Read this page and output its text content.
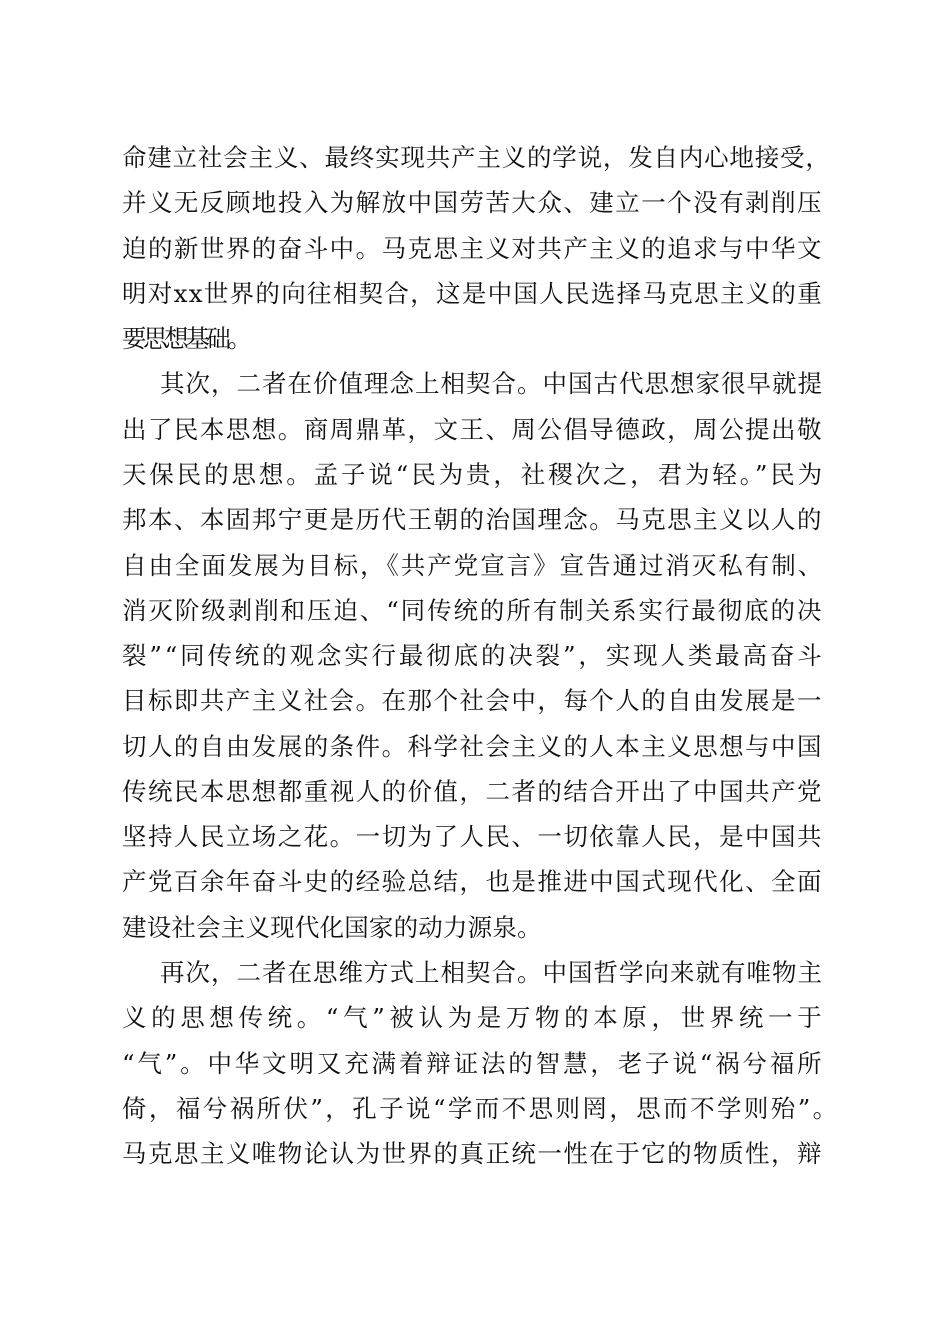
命建立社会主义、最终实现共产主义的学说，发自内心地接受，
并义无反顾地投入为解放中国劳苦大众、建立一个没有剥削压
迫的新世界的奋斗中。马克思主义对共产主义的追求与中华文
明对xx世界的向往相契合，这是中国人民选择马克思主义的重
要思想基础。
其次，二者在价值理念上相契合。中国古代思想家很早就提
出了民本思想。商周鼎革，文王、周公倡导德政，周公提出敬
天保民的思想。孟子说“民为贵，社稷次之，君为轻。”民为
邦本、本固邦宁更是历代王朝的治国理念。马克思主义以人的
自由全面发展为目标，《共产党宣言》宣告通过消灭私有制、
消灭阶级剥削和压迫、“同传统的所有制关系实行最彻底的决
裂”“同传统的观念实行最彻底的决裂”，实现人类最高奋斗
目标即共产主义社会。在那个社会中，每个人的自由发展是一
切人的自由发展的条件。科学社会主义的人本主义思想与中国
传统民本思想都重视人的价值，二者的结合开出了中国共产党
坚持人民立场之花。一切为了人民、一切依靠人民，是中国共
产党百余年奋斗史的经验总结，也是推进中国式现代化、全面
建设社会主义现代化国家的动力源泉。
再次，二者在思维方式上相契合。中国哲学向来就有唯物主
义的思想传统。“气”被认为是万物的本原，世界统一于
“气”。中华文明又充满着辩证法的智慧，老子说“祸兮福所
倚，福兮祸所伏”，孔子说“学而不思则罔，思而不学则殆”。
马克思主义唯物论认为世界的真正统一性在于它的物质性，辩
